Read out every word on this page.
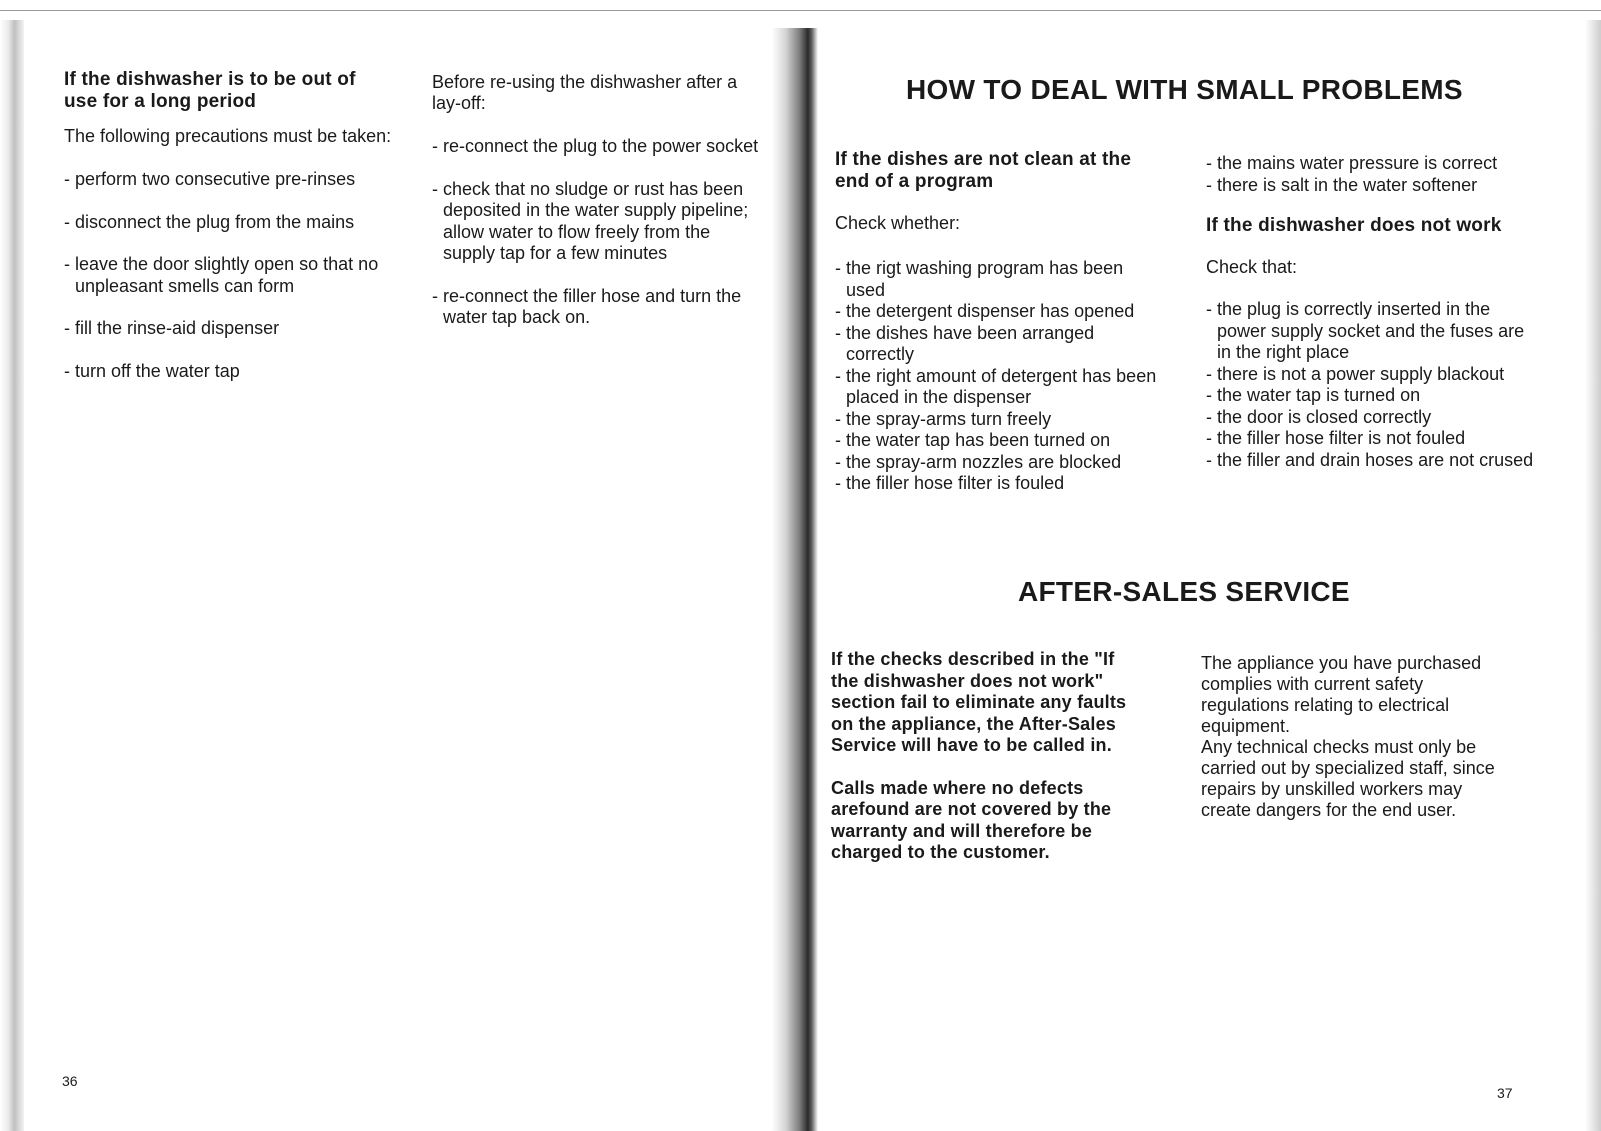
If the dishwasher is to be out of use for a long period
The following precautions must be taken:
- perform two consecutive pre-rinses
- disconnect the plug from the mains
- leave the door slightly open so that no unpleasant smells can form
- fill the rinse-aid dispenser
- turn off the water tap
Before re-using the dishwasher after a lay-off:
- re-connect the plug to the power socket
- check that no sludge or rust has been deposited in the water supply pipeline; allow water to flow freely from the supply tap for a few minutes
- re-connect the filler hose and turn the water tap back on.
36
HOW TO DEAL WITH SMALL PROBLEMS
If the dishes are not clean at the end of a program
Check whether:
- the rigt washing program has been used
- the detergent dispenser has opened
- the dishes have been arranged correctly
- the right amount of detergent has been placed in the dispenser
- the spray-arms turn freely
- the water tap has been turned on
- the spray-arm nozzles are blocked
- the filler hose filter is fouled
- the mains water pressure is correct
- there is salt in the water softener
If the dishwasher does not work
Check that:
- the plug is correctly inserted in the power supply socket and the fuses are in the right place
- there is not a power supply blackout
- the water tap is turned on
- the door is closed correctly
- the filler hose filter is not fouled
- the filler and drain hoses are not crused
AFTER-SALES SERVICE
If the checks described in the "If the dishwasher does not work" section fail to eliminate any faults on the appliance, the After-Sales Service will have to be called in.
Calls made where no defects arefound are not covered by the warranty and will therefore be charged to the customer.
The appliance you have purchased complies with current safety regulations relating to electrical equipment.
Any technical checks must only be carried out by specialized staff, since repairs by unskilled workers may create dangers for the end user.
37
